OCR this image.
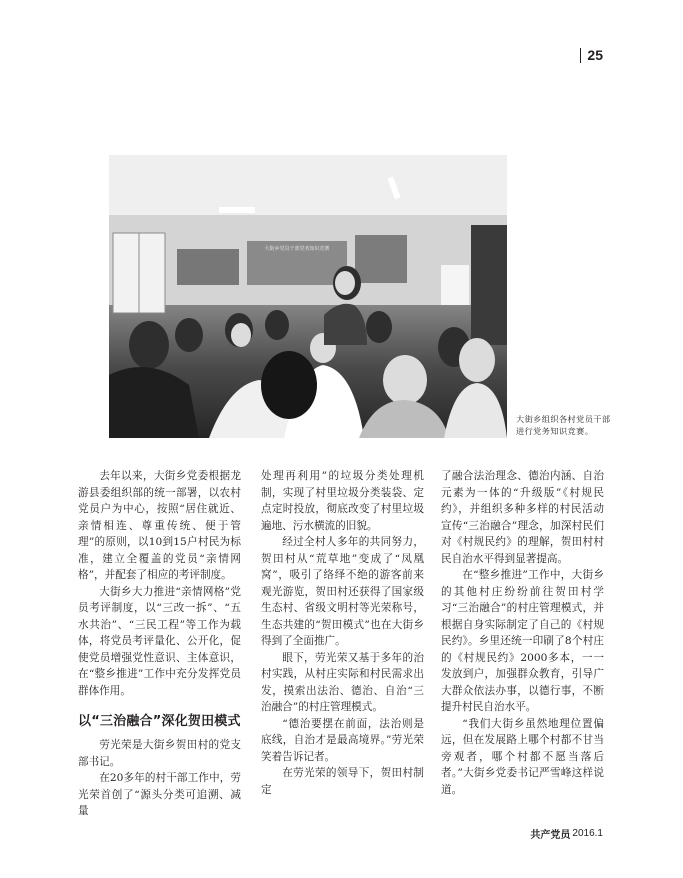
25
大街乡党员干部党务知识竞赛
大街乡组织各村党员干部进行党务知识竞赛。

去年以来，大街乡党委根据龙游县委组织部的统一部署，以农村党员户为中心，按照“居住就近、亲情相连、尊重传统、便于管理”的原则，以10到15户村民为标准，建立全覆盖的党员“亲情网格”，并配套了相应的考评制度。

大街乡大力推进“亲情网格”党员考评制度，以“三改一拆”、“五水共治”、“三民工程”等工作为载体，将党员考评量化、公开化，促使党员增强党性意识、主体意识，在“整乡推进”工作中充分发挥党员群体作用。

以“三治融合”深化贺田模式

劳光荣是大街乡贺田村的党支部书记。

在20多年的村干部工作中，劳光荣首创了“源头分类可追溯、减量

处理再利用”的垃圾分类处理机制，实现了村里垃圾分类装袋、定点定时投放，彻底改变了村里垃圾遍地、污水横流的旧貌。

经过全村人多年的共同努力，贺田村从“荒草地”变成了“凤凰窝”，吸引了络绎不绝的游客前来观光游览，贺田村还获得了国家级生态村、省级文明村等光荣称号，生态共建的“贺田模式”也在大街乡得到了全面推广。

眼下，劳光荣又基于多年的治村实践，从村庄实际和村民需求出发，摸索出法治、德治、自治“三治融合”的村庄管理模式。

“德治要摆在前面，法治则是底线，自治才是最高境界。”劳光荣笑着告诉记者。

在劳光荣的领导下，贺田村制定

了融合法治理念、德治内涵、自治元素为一体的“升级版”《村规民约》，并组织多种多样的村民活动宣传“三治融合”理念，加深村民们对《村规民约》的理解，贺田村村民自治水平得到显著提高。

在“整乡推进”工作中，大街乡的其他村庄纷纷前往贺田村学习“三治融合”的村庄管理模式，并根据自身实际制定了自己的《村规民约》。乡里还统一印刷了8个村庄的《村规民约》2000多本，一一发放到户，加强群众教育，引导广大群众依法办事，以德行事，不断提升村民自治水平。

“我们大街乡虽然地理位置偏远，但在发展路上哪个村都不甘当旁观者，哪个村都不愿当落后者。”大街乡党委书记严雪峰这样说道。

共产党员 2016.1
